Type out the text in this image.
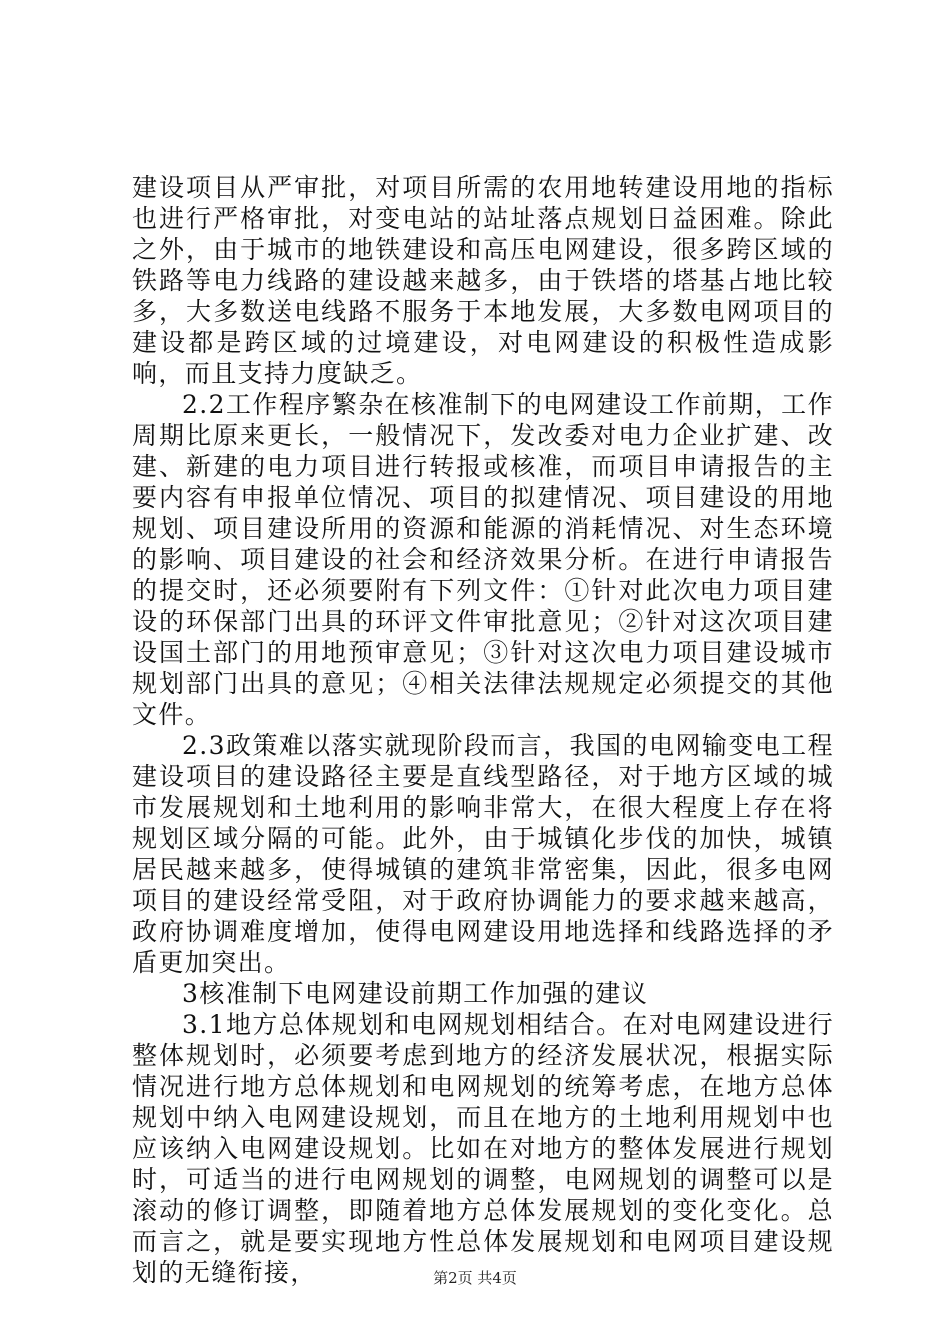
建设项目从严审批，对项目所需的农用地转建设用地的指标也进行严格审批，对变电站的站址落点规划日益困难。除此之外，由于城市的地铁建设和高压电网建设，很多跨区域的铁路等电力线路的建设越来越多，由于铁塔的塔基占地比较多，大多数送电线路不服务于本地发展，大多数电网项目的建设都是跨区域的过境建设，对电网建设的积极性造成影响，而且支持力度缺乏。

2.2工作程序繁杂在核准制下的电网建设工作前期，工作周期比原来更长，一般情况下，发改委对电力企业扩建、改建、新建的电力项目进行转报或核准，而项目申请报告的主要内容有申报单位情况、项目的拟建情况、项目建设的用地规划、项目建设所用的资源和能源的消耗情况、对生态环境的影响、项目建设的社会和经济效果分析。在进行申请报告的提交时，还必须要附有下列文件：①针对此次电力项目建设的环保部门出具的环评文件审批意见；②针对这次项目建设国土部门的用地预审意见；③针对这次电力项目建设城市规划部门出具的意见；④相关法律法规规定必须提交的其他文件。

2.3政策难以落实就现阶段而言，我国的电网输变电工程建设项目的建设路径主要是直线型路径，对于地方区域的城市发展规划和土地利用的影响非常大，在很大程度上存在将规划区域分隔的可能。此外，由于城镇化步伐的加快，城镇居民越来越多，使得城镇的建筑非常密集，因此，很多电网项目的建设经常受阻，对于政府协调能力的要求越来越高，政府协调难度增加，使得电网建设用地选择和线路选择的矛盾更加突出。

3核准制下电网建设前期工作加强的建议

3.1地方总体规划和电网规划相结合。在对电网建设进行整体规划时，必须要考虑到地方的经济发展状况，根据实际情况进行地方总体规划和电网规划的统筹考虑，在地方总体规划中纳入电网建设规划，而且在地方的土地利用规划中也应该纳入电网建设规划。比如在对地方的整体发展进行规划时，可适当的进行电网规划的调整，电网规划的调整可以是滚动的修订调整，即随着地方总体发展规划的变化变化。总而言之，就是要实现地方性总体发展规划和电网项目建设规划的无缝衔接，	第2页 共4页
